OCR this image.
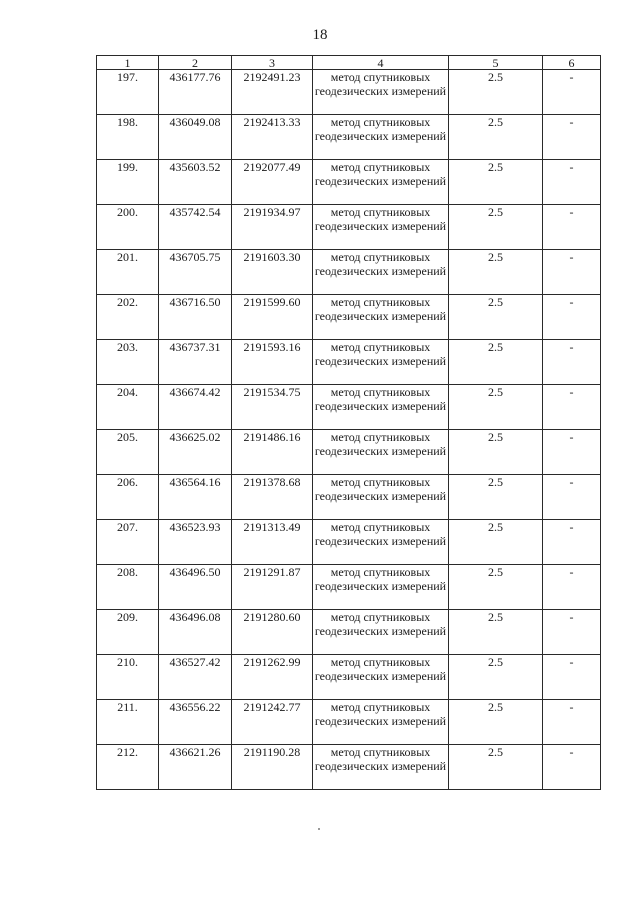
18
1	2	3	4	5	6
197.	436177.76	2192491.23	метод спутниковых геодезических измерений	2.5	-
198.	436049.08	2192413.33	метод спутниковых геодезических измерений	2.5	-
199.	435603.52	2192077.49	метод спутниковых геодезических измерений	2.5	-
200.	435742.54	2191934.97	метод спутниковых геодезических измерений	2.5	-
201.	436705.75	2191603.30	метод спутниковых геодезических измерений	2.5	-
202.	436716.50	2191599.60	метод спутниковых геодезических измерений	2.5	-
203.	436737.31	2191593.16	метод спутниковых геодезических измерений	2.5	-
204.	436674.42	2191534.75	метод спутниковых геодезических измерений	2.5	-
205.	436625.02	2191486.16	метод спутниковых геодезических измерений	2.5	-
206.	436564.16	2191378.68	метод спутниковых геодезических измерений	2.5	-
207.	436523.93	2191313.49	метод спутниковых геодезических измерений	2.5	-
208.	436496.50	2191291.87	метод спутниковых геодезических измерений	2.5	-
209.	436496.08	2191280.60	метод спутниковых геодезических измерений	2.5	-
210.	436527.42	2191262.99	метод спутниковых геодезических измерений	2.5	-
211.	436556.22	2191242.77	метод спутниковых геодезических измерений	2.5	-
212.	436621.26	2191190.28	метод спутниковых геодезических измерений	2.5	-
